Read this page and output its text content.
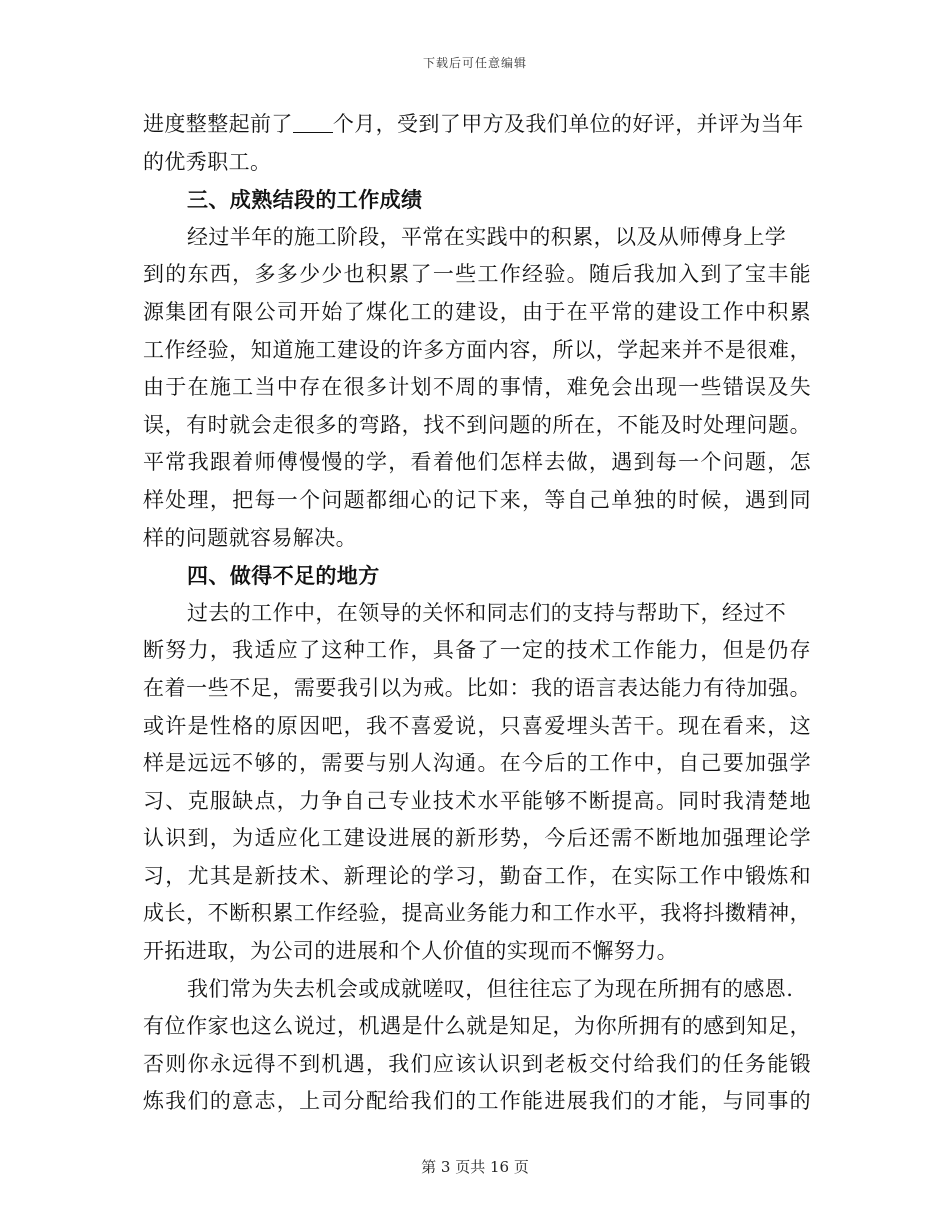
下载后可任意编辑
进度整整起前了 个月，受到了甲方及我们单位的好评，并评为当年
的优秀职工。
三、成熟结段的工作成绩
经过半年的施工阶段，平常在实践中的积累，以及从师傅身上学
到的东西，多多少少也积累了一些工作经验。随后我加入到了宝丰能
源集团有限公司开始了煤化工的建设，由于在平常的建设工作中积累
工作经验，知道施工建设的许多方面内容，所以，学起来并不是很难，
由于在施工当中存在很多计划不周的事情，难免会出现一些错误及失
误，有时就会走很多的弯路，找不到问题的所在，不能及时处理问题。
平常我跟着师傅慢慢的学，看着他们怎样去做，遇到每一个问题，怎
样处理，把每一个问题都细心的记下来，等自己单独的时候，遇到同
样的问题就容易解决。
四、做得不足的地方
过去的工作中，在领导的关怀和同志们的支持与帮助下，经过不
断努力，我适应了这种工作，具备了一定的技术工作能力，但是仍存
在着一些不足，需要我引以为戒。比如：我的语言表达能力有待加强。
或许是性格的原因吧，我不喜爱说，只喜爱埋头苦干。现在看来，这
样是远远不够的，需要与别人沟通。在今后的工作中，自己要加强学
习、克服缺点，力争自己专业技术水平能够不断提高。同时我清楚地
认识到，为适应化工建设进展的新形势，今后还需不断地加强理论学
习，尤其是新技术、新理论的学习，勤奋工作，在实际工作中锻炼和
成长，不断积累工作经验，提高业务能力和工作水平，我将抖擞精神，
开拓进取，为公司的进展和个人价值的实现而不懈努力。
我们常为失去机会或成就嗟叹，但往往忘了为现在所拥有的感恩.
有位作家也这么说过，机遇是什么就是知足，为你所拥有的感到知足，
否则你永远得不到机遇，我们应该认识到老板交付给我们的任务能锻
炼我们的意志，上司分配给我们的工作能进展我们的才能，与同事的
第 3 页共 16 页
